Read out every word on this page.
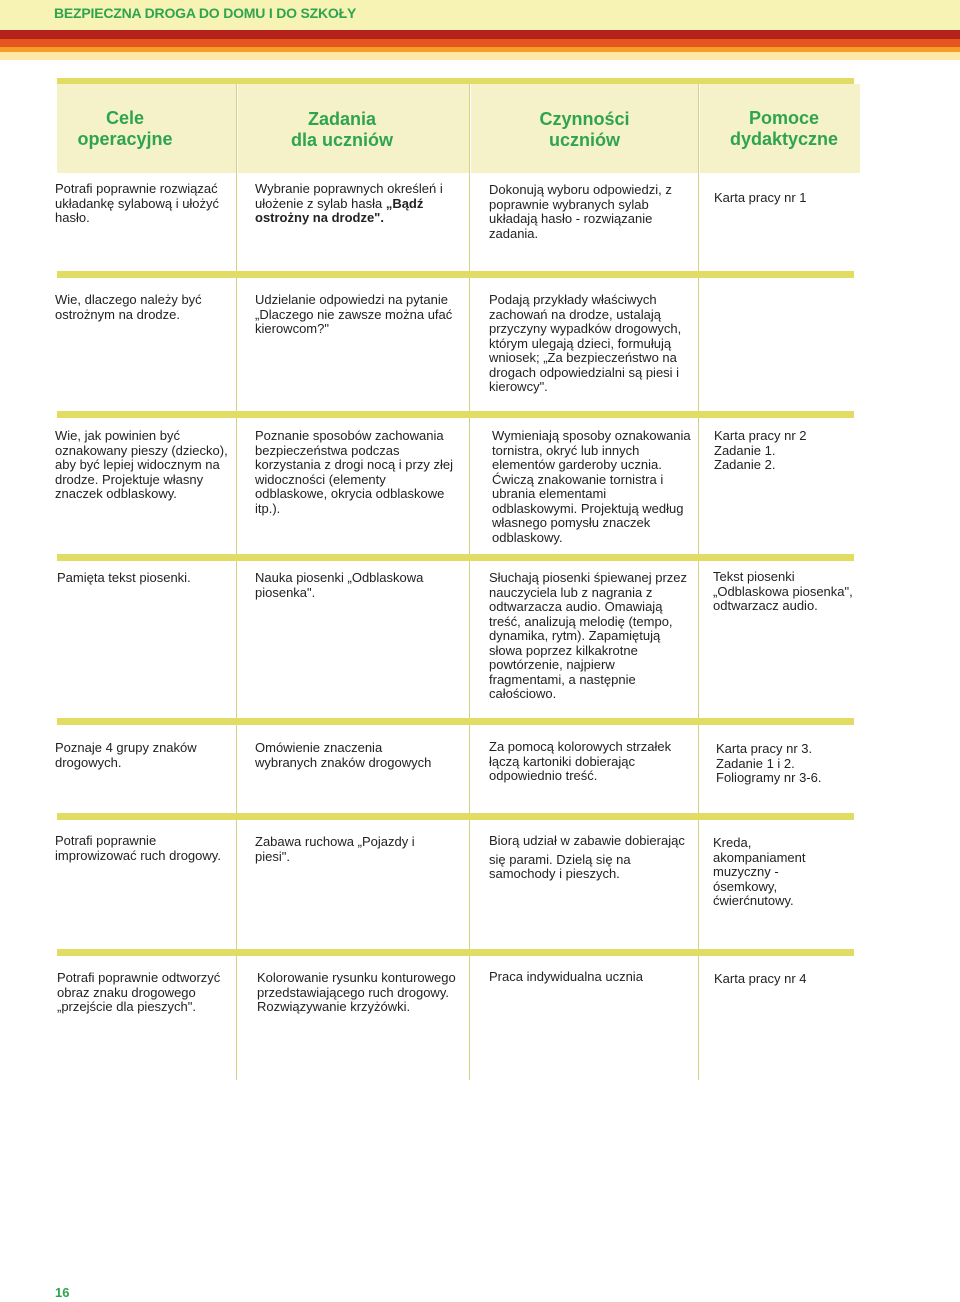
BEZPIECZNA DROGA DO DOMU I DO SZKOŁY
Cele
operacyjne
Zadania
dla uczniów
Czynności
uczniów
Pomoce
dydaktyczne
Potrafi poprawnie rozwiązać układankę sylabową i ułożyć hasło.
Wybranie poprawnych określeń i ułożenie z sylab hasła „Bądź ostrożny na drodze".
Dokonują wyboru odpowiedzi, z poprawnie wybranych sylab układają hasło - rozwiązanie zadania.
Karta pracy nr 1
Wie, dlaczego należy być ostrożnym na drodze.
Udzielanie odpowiedzi na pytanie „Dlaczego nie zawsze można ufać kierowcom?"
Podają przykłady właściwych zachowań na drodze, ustalają przyczyny wypadków drogowych, którym ulegają dzieci, formułują wniosek; „Za bezpieczeństwo na drogach odpowiedzialni są piesi i kierowcy".
Wie, jak powinien być oznakowany pieszy (dziecko), aby być lepiej widocznym na drodze. Projektuje własny znaczek odblaskowy.
Poznanie sposobów zachowania bezpieczeństwa podczas korzystania z drogi nocą i przy złej widoczności (elementy odblaskowe, okrycia odblaskowe itp.).
Wymieniają sposoby oznakowania tornistra, okryć lub innych elementów garderoby ucznia. Ćwiczą znakowanie tornistra i ubrania elementami odblaskowymi. Projektują według własnego pomysłu znaczek odblaskowy.
Karta pracy nr 2 Zadanie 1. Zadanie 2.
Pamięta tekst piosenki.	Nauka piosenki „Odblaskowa piosenka".
Słuchają piosenki śpiewanej przez nauczyciela lub z nagrania z odtwarzacza audio. Omawiają treść, analizują melodię (tempo, dynamika, rytm). Zapamiętują słowa poprzez kilkakrotne powtórzenie, najpierw fragmentami, a następnie całościowo.
Tekst piosenki „Odblaskowa piosenka", odtwarzacz audio.
Poznaje 4 grupy znaków drogowych.
Omówienie znaczenia wybranych znaków drogowych
Za pomocą kolorowych strzałek łączą kartoniki dobierając odpowiednio treść.
Karta pracy nr 3. Zadanie 1 i 2. Foliogramy nr 3-6.
Potrafi poprawnie improwizować ruch drogowy.
Zabawa ruchowa „Pojazdy i piesi".
Biorą udział w zabawie dobierając
się parami. Dzielą się na samochody i pieszych.
Kreda, akompaniament muzyczny - ósemkowy, ćwierćnutowy.
Potrafi poprawnie odtworzyć obraz znaku drogowego „przejście dla pieszych".
Kolorowanie rysunku konturowego przedstawiającego ruch drogowy. Rozwiązywanie krzyżówki.
Praca indywidualna ucznia	Karta pracy nr 4
16
